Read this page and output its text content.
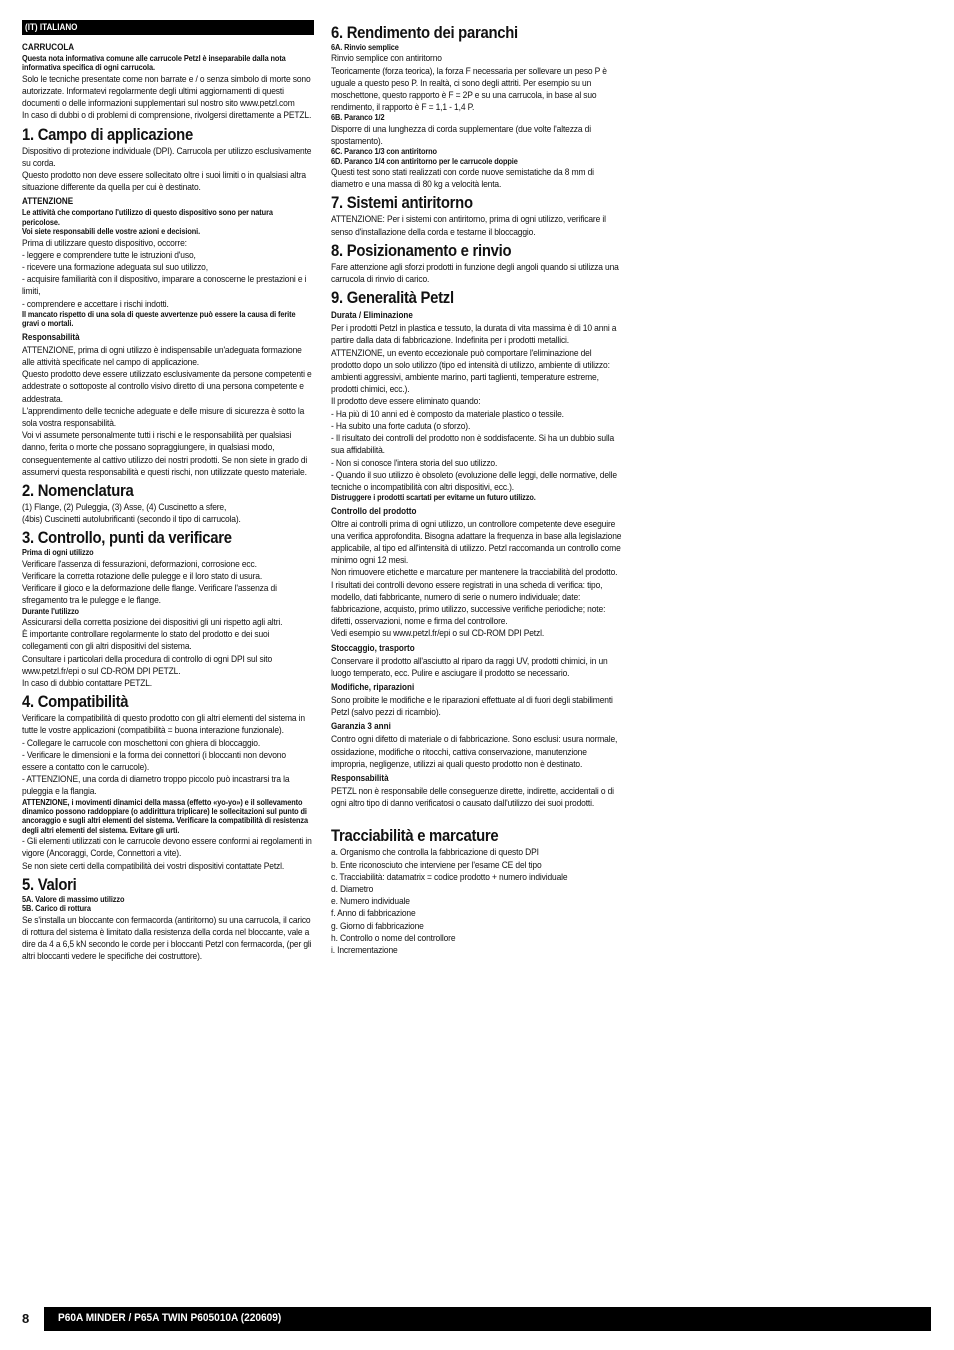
(IT) ITALIANO
CARRUCOLA

Questa nota informativa comune alle carrucole Petzl è inseparabile dalla nota informativa specifica di ogni carrucola.

Solo le tecniche presentate come non barrate e / o senza simbolo di morte sono autorizzate. Informatevi regolarmente degli ultimi aggiornamenti di questi documenti o delle informazioni supplementari sul nostro sito www.petzl.com

In caso di dubbi o di problemi di comprensione, rivolgersi direttamente a PETZL.

1. Campo di applicazione

Dispositivo di protezione individuale (DPI). Carrucola per utilizzo esclusivamente su corda.

Questo prodotto non deve essere sollecitato oltre i suoi limiti o in qualsiasi altra situazione differente da quella per cui è destinato.

ATTENZIONE

Le attività che comportano l'utilizzo di questo dispositivo sono per natura pericolose.

Voi siete responsabili delle vostre azioni e decisioni.

Prima di utilizzare questo dispositivo, occorre:

- leggere e comprendere tutte le istruzioni d'uso,

- ricevere una formazione adeguata sul suo utilizzo,

- acquisire familiarità con il dispositivo, imparare a conoscerne le prestazioni e i limiti,

- comprendere e accettare i rischi indotti.

Il mancato rispetto di una sola di queste avvertenze può essere la causa di ferite gravi o mortali.

Responsabilità

ATTENZIONE, prima di ogni utilizzo è indispensabile un'adeguata formazione alle attività specificate nel campo di applicazione.

Questo prodotto deve essere utilizzato esclusivamente da persone competenti e addestrate o sottoposte al controllo visivo diretto di una persona competente e addestrata.

L'apprendimento delle tecniche adeguate e delle misure di sicurezza è sotto la sola vostra responsabilità.

Voi vi assumete personalmente tutti i rischi e le responsabilità per qualsiasi danno, ferita o morte che possano sopraggiungere, in qualsiasi modo, conseguentemente al cattivo utilizzo dei nostri prodotti. Se non siete in grado di assumervi questa responsabilità e questi rischi, non utilizzate questo materiale.

2. Nomenclatura

(1) Flange, (2) Puleggia, (3) Asse, (4) Cuscinetto a sfere,

(4bis) Cuscinetti autolubrificanti (secondo il tipo di carrucola).

3. Controllo, punti da verificare

Prima di ogni utilizzo

Verificare l'assenza di fessurazioni, deformazioni, corrosione ecc.

Verificare la corretta rotazione delle pulegge e il loro stato di usura.

Verificare il gioco e la deformazione delle flange. Verificare l'assenza di sfregamento tra le pulegge e le flange.

Durante l'utilizzo

Assicurarsi della corretta posizione dei dispositivi gli uni rispetto agli altri.

È importante controllare regolarmente lo stato del prodotto e dei suoi collegamenti con gli altri dispositivi del sistema.

Consultare i particolari della procedura di controllo di ogni DPI sul sito www.petzl.fr/epi o sul CD-ROM DPI PETZL.

In caso di dubbio contattare PETZL.

4. Compatibilità

Verificare la compatibilità di questo prodotto con gli altri elementi del sistema in tutte le vostre applicazioni (compatibilità = buona interazione funzionale).

- Collegare le carrucole con moschettoni con ghiera di bloccaggio.

- Verificare le dimensioni e la forma dei connettori (i bloccanti non devono essere a contatto con le carrucole).

- ATTENZIONE, una corda di diametro troppo piccolo può incastrarsi tra la puleggia e la flangia.

ATTENZIONE, i movimenti dinamici della massa (effetto «yo-yo») e il sollevamento dinamico possono raddoppiare (o addirittura triplicare) le sollecitazioni sul punto di ancoraggio e sugli altri elementi del sistema. Verificare la compatibilità di resistenza degli altri elementi del sistema. Evitare gli urti.

- Gli elementi utilizzati con le carrucole devono essere conformi ai regolamenti in vigore (Ancoraggi, Corde, Connettori a vite).

Se non siete certi della compatibilità dei vostri dispositivi contattate Petzl.

5. Valori

5A. Valore di massimo utilizzo

5B. Carico di rottura

Se s'installa un bloccante con fermacorda (antiritorno) su una carrucola, il carico di rottura del sistema è limitato dalla resistenza della corda nel bloccante, vale a dire da 4 a 6,5 kN secondo le corde per i bloccanti Petzl con fermacorda, (per gli altri bloccanti vedere le specifiche dei costruttore).

6. Rendimento dei paranchi

6A. Rinvio semplice

Rinvio semplice con antiritorno

Teoricamente (forza teorica), la forza F necessaria per sollevare un peso P è uguale a questo peso P. In realtà, ci sono degli attriti. Per esempio su un moschettone, questo rapporto è F = 2P e su una carrucola, in base al suo rendimento, il rapporto è F = 1,1 - 1,4 P.

6B. Paranco 1/2

Disporre di una lunghezza di corda supplementare (due volte l'altezza di spostamento).

6C. Paranco 1/3 con antiritorno

6D. Paranco 1/4 con antiritorno per le carrucole doppie

Questi test sono stati realizzati con corde nuove semistatiche da 8 mm di diametro e una massa di 80 kg a velocità lenta.

7. Sistemi antiritorno

ATTENZIONE: Per i sistemi con antiritorno, prima di ogni utilizzo, verificare il senso d'installazione della corda e testarne il bloccaggio.

8. Posizionamento e rinvio

Fare attenzione agli sforzi prodotti in funzione degli angoli quando si utilizza una carrucola di rinvio di carico.

9. Generalità Petzl
Durata / Eliminazione

Per i prodotti Petzl in plastica e tessuto, la durata di vita massima è di 10 anni a partire dalla data di fabbricazione. Indefinita per i prodotti metallici.

ATTENZIONE, un evento eccezionale può comportare l'eliminazione del prodotto dopo un solo utilizzo (tipo ed intensità di utilizzo, ambiente di utilizzo: ambienti aggressivi, ambiente marino, parti taglienti, temperature estreme, prodotti chimici, ecc.).

Il prodotto deve essere eliminato quando:

- Ha più di 10 anni ed è composto da materiale plastico o tessile.

- Ha subito una forte caduta (o sforzo).

- Il risultato dei controlli del prodotto non è soddisfacente. Si ha un dubbio sulla sua affidabilità.

- Non si conosce l'intera storia del suo utilizzo.

- Quando il suo utilizzo è obsoleto (evoluzione delle leggi, delle normative, delle tecniche o incompatibilità con altri dispositivi, ecc.).

Distruggere i prodotti scartati per evitarne un futuro utilizzo.

Controllo del prodotto

Oltre ai controlli prima di ogni utilizzo, un controllore competente deve eseguire una verifica approfondita. Bisogna adattare la frequenza in base alla legislazione applicabile, al tipo ed all'intensità di utilizzo. Petzl raccomanda un controllo come minimo ogni 12 mesi.

Non rimuovere etichette e marcature per mantenere la tracciabilità del prodotto.

I risultati dei controlli devono essere registrati in una scheda di verifica: tipo, modello, dati fabbricante, numero di serie o numero individuale; date: fabbricazione, acquisto, primo utilizzo, successive verifiche periodiche; note: difetti, osservazioni, nome e firma del controllore.

Vedi esempio su www.petzl.fr/epi o sul CD-ROM DPI Petzl.

Stoccaggio, trasporto

Conservare il prodotto all'asciutto al riparo da raggi UV, prodotti chimici, in un luogo temperato, ecc. Pulire e asciugare il prodotto se necessario.

Modifiche, riparazioni

Sono proibite le modifiche e le riparazioni effettuate al di fuori degli stabilimenti Petzl (salvo pezzi di ricambio).

Garanzia 3 anni

Contro ogni difetto di materiale o di fabbricazione. Sono esclusi: usura normale, ossidazione, modifiche o ritocchi, cattiva conservazione, manutenzione impropria, negligenze, utilizzi ai quali questo prodotto non è destinato.

Responsabilità

PETZL non è responsabile delle conseguenze dirette, indirette, accidentali o di ogni altro tipo di danno verificatosi o causato dall'utilizzo dei suoi prodotti.

Tracciabilità e marcature

a. Organismo che controlla la fabbricazione di questo DPI

b. Ente riconosciuto che interviene per l'esame CE del tipo

c. Tracciabilità: datamatrix = codice prodotto + numero individuale

d. Diametro

e. Numero individuale

f. Anno di fabbricazione

g. Giorno di fabbricazione

h. Controllo o nome del controllore

i. Incrementazione

8	P60A MINDER / P65A TWIN P605010A (220609)
